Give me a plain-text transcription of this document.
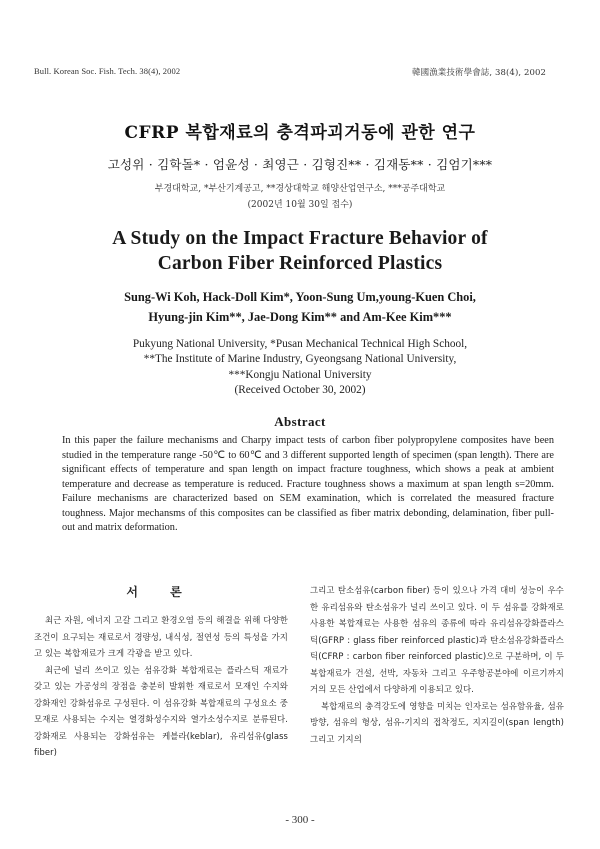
Bull. Korean Soc. Fish. Tech. 38(4), 2002	韓國漁業技術學會誌, 38(4), 2002
CFRP 복합재료의 충격파괴거동에 관한 연구
고성위 · 김학돌* · 엄윤성 · 최영근 · 김형진** · 김재동** · 김엄기***
부경대학교, *부산기계공고, **경상대학교 해양산업연구소, ***공주대학교
(2002년 10월 30일 접수)
A Study on the Impact Fracture Behavior of
Carbon Fiber Reinforced Plastics
Sung-Wi Koh, Hack-Doll Kim*, Yoon-Sung Um,young-Kuen Choi,
Hyung-jin Kim**, Jae-Dong Kim** and Am-Kee Kim***
Pukyung National University, *Pusan Mechanical Technical High School,
**The Institute of Marine Industry, Gyeongsang National University,
***Kongju National University
(Received October 30, 2002)
Abstract

In this paper the failure mechanisms and Charpy impact tests of carbon fiber polypropylene composites have been studied in the temperature range -50℃ to 60℃ and 3 different supported length of specimen (span length). There are significant effects of temperature and span length on impact fracture toughness, which shows a peak at ambient temperature and decrease as temperature is reduced. Fracture toughness shows a maximum at span length s=20mm. Failure mechanisms are characterized based on SEM examination, which is correlated the measured fracture toughness. Major mechansms of this composites can be classified as fiber matrix debonding, delamination, fiber pull-out and matrix deformation.

서 론

최근 자원, 에너지 고갈 그리고 환경오염 등의 해결을 위해 다양한 조건이 요구되는 재료로서 경량성, 내식성, 절연성 등의 특성을 가지고 있는 복합재료가 크게 각광을 받고 있다.

최근에 널리 쓰이고 있는 섬유강화 복합재료는 플라스틱 재료가 갖고 있는 가공성의 장점을 충분히 발휘한 재료로서 모재인 수지와 강화재인 강화섬유로 구성된다. 이 섬유강화 복합재료의 구성요소 중 모재로 사용되는 수지는 열경화성수지와 열가소성수지로 분류된다. 강화재로 사용되는 강화섬유는 케블라(keblar), 유리섬유(glass fiber)

그리고 탄소섬유(carbon fiber) 등이 있으나 가격 대비 성능이 우수한 유리섬유와 탄소섬유가 널리 쓰이고 있다. 이 두 섬유를 강화재로 사용한 복합재료는 사용한 섬유의 종류에 따라 유리섬유강화플라스틱(GFRP : glass fiber reinforced plastic)과 탄소섬유강화플라스틱(CFRP : carbon fiber reinforced plastic)으로 구분하며, 이 두 복합재료가 건설, 선박, 자동차 그리고 우주항공분야에 이르기까지 거의 모든 산업에서 다양하게 이용되고 있다.

복합재료의 충격강도에 영향을 미치는 인자로는 섬유함유율, 섬유방향, 섬유의 형상, 섬유-기지의 접착정도, 지지길이(span length) 그리고 기지의

- 300 -
